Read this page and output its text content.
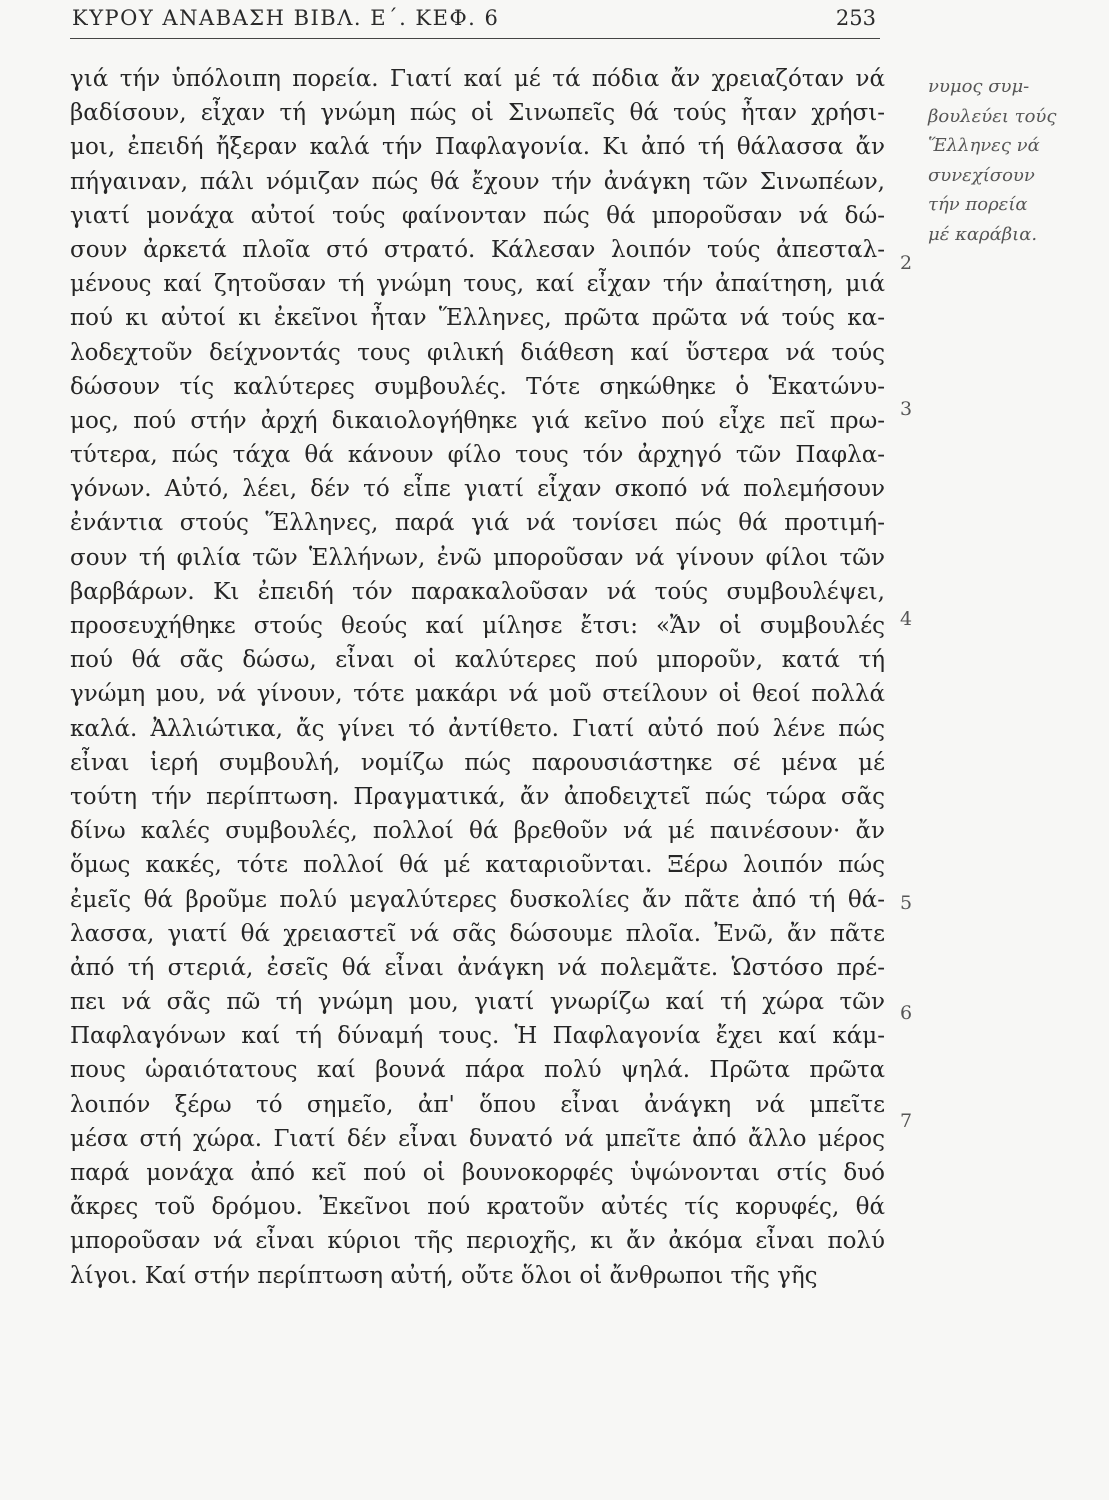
ΚΥΡΟΥ ΑΝΑΒΑΣΗ ΒΙΒΛ. Ε΄. ΚΕΦ. 6	253
γιά τήν ὑπόλοιπη πορεία. Γιατί καί μέ τά πόδια ἄν χρειαζόταν νά
βαδίσουν, εἶχαν τή γνώμη πώς οἱ Σινωπεῖς θά τούς ἦταν χρήσι-
μοι, ἐπειδή ἤξεραν καλά τήν Παφλαγονία. Κι ἀπό τή θάλασσα ἄν
πήγαιναν, πάλι νόμιζαν πώς θά ἔχουν τήν ἀνάγκη τῶν Σινωπέων,
γιατί μονάχα αὐτοί τούς φαίνονταν πώς θά μποροῦσαν νά δώ-
σουν ἀρκετά πλοῖα στό στρατό. Κάλεσαν λοιπόν τούς ἀπεσταλ-
μένους καί ζητοῦσαν τή γνώμη τους, καί εἶχαν τήν ἀπαίτηση, μιά
πού κι αὐτοί κι ἐκεῖνοι ἦταν Ἕλληνες, πρῶτα πρῶτα νά τούς κα-
λοδεχτοῦν δείχνοντάς τους φιλική διάθεση καί ὕστερα νά τούς
δώσουν τίς καλύτερες συμβουλές. Τότε σηκώθηκε ὁ Ἑκατώνυ-
μος, πού στήν ἀρχή δικαιολογήθηκε γιά κεῖνο πού εἶχε πεῖ πρω-
τύτερα, πώς τάχα θά κάνουν φίλο τους τόν ἀρχηγό τῶν Παφλα-
γόνων. Αὐτό, λέει, δέν τό εἶπε γιατί εἶχαν σκοπό νά πολεμήσουν
ἐνάντια στούς Ἕλληνες, παρά γιά νά τονίσει πώς θά προτιμή-
σουν τή φιλία τῶν Ἑλλήνων, ἐνῶ μποροῦσαν νά γίνουν φίλοι τῶν
βαρβάρων. Κι ἐπειδή τόν παρακαλοῦσαν νά τούς συμβουλέψει,
προσευχήθηκε στούς θεούς καί μίλησε ἔτσι: «Ἄν οἱ συμβουλές
πού θά σᾶς δώσω, εἶναι οἱ καλύτερες πού μποροῦν, κατά τή
γνώμη μου, νά γίνουν, τότε μακάρι νά μοῦ στείλουν οἱ θεοί πολλά
καλά. Ἀλλιώτικα, ἄς γίνει τό ἀντίθετο. Γιατί αὐτό πού λένε πώς
εἶναι ἱερή συμβουλή, νομίζω πώς παρουσιάστηκε σέ μένα μέ
τούτη τήν περίπτωση. Πραγματικά, ἄν ἀποδειχτεῖ πώς τώρα σᾶς
δίνω καλές συμβουλές, πολλοί θά βρεθοῦν νά μέ παινέσουν· ἄν
ὅμως κακές, τότε πολλοί θά μέ καταριοῦνται. Ξέρω λοιπόν πώς
ἐμεῖς θά βροῦμε πολύ μεγαλύτερες δυσκολίες ἄν πᾶτε ἀπό τή θά-
λασσα, γιατί θά χρειαστεῖ νά σᾶς δώσουμε πλοῖα. Ἐνῶ, ἄν πᾶτε
ἀπό τή στεριά, ἐσεῖς θά εἶναι ἀνάγκη νά πολεμᾶτε. Ὡστόσο πρέ-
πει νά σᾶς πῶ τή γνώμη μου, γιατί γνωρίζω καί τή χώρα τῶν
Παφλαγόνων καί τή δύναμή τους. Ἡ Παφλαγονία ἔχει καί κάμ-
πους ὡραιότατους καί βουνά πάρα πολύ ψηλά. Πρῶτα πρῶτα
λοιπόν ξέρω τό σημεῖο, ἀπ' ὅπου εἶναι ἀνάγκη νά μπεῖτε
μέσα στή χώρα. Γιατί δέν εἶναι δυνατό νά μπεῖτε ἀπό ἄλλο μέρος
παρά μονάχα ἀπό κεῖ πού οἱ βουνοκορφές ὑψώνονται στίς δυό
ἄκρες τοῦ δρόμου. Ἐκεῖνοι πού κρατοῦν αὐτές τίς κορυφές, θά
μποροῦσαν νά εἶναι κύριοι τῆς περιοχῆς, κι ἄν ἀκόμα εἶναι πολύ
λίγοι. Καί στήν περίπτωση αὐτή, οὔτε ὅλοι οἱ ἄνθρωποι τῆς γῆς
2
3
4
5
6
7
νυμος συμ-
βουλεύει τούς
Ἕλληνες νά
συνεχίσουν
τήν πορεία
μέ καράβια.
